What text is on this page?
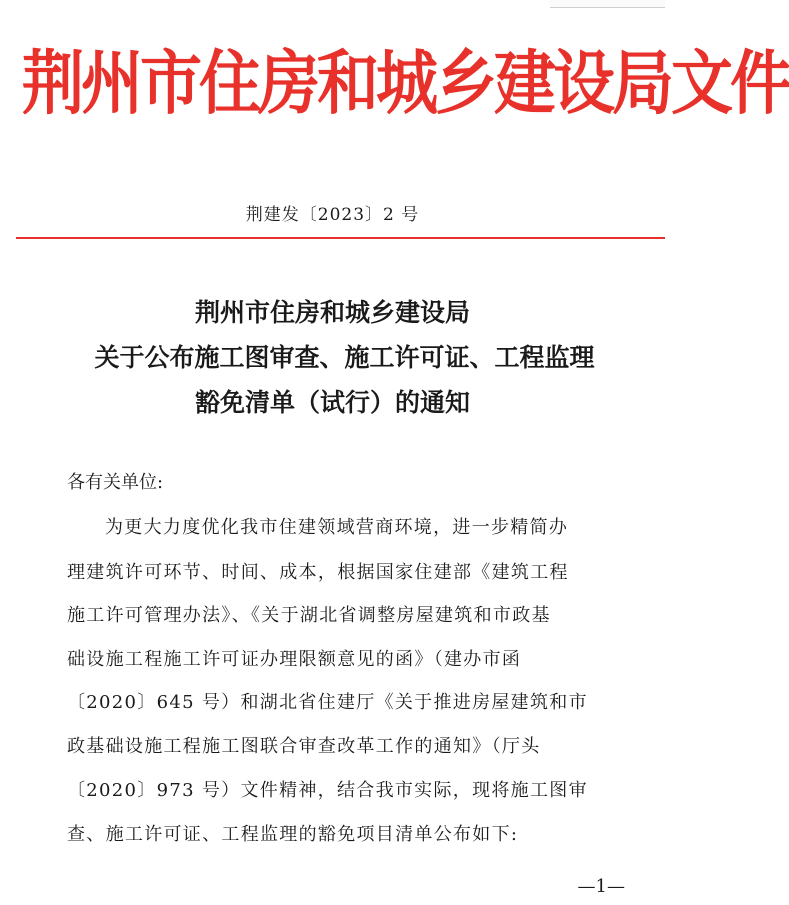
荆州市住房和城乡建设局文件
荆建发〔2023〕2 号
荆州市住房和城乡建设局
关于公布施工图审查、施工许可证、工程监理
豁免清单（试行）的通知
各有关单位:
为更大力度优化我市住建领域营商环境，进一步精简办
理建筑许可环节、时间、成本，根据国家住建部《建筑工程
施工许可管理办法》、《关于湖北省调整房屋建筑和市政基
础设施工程施工许可证办理限额意见的函》（建办市函
〔2020〕645 号）和湖北省住建厅《关于推进房屋建筑和市
政基础设施工程施工图联合审查改革工作的通知》（厅头
〔2020〕973 号）文件精神，结合我市实际，现将施工图审
查、施工许可证、工程监理的豁免项目清单公布如下:
—1—
